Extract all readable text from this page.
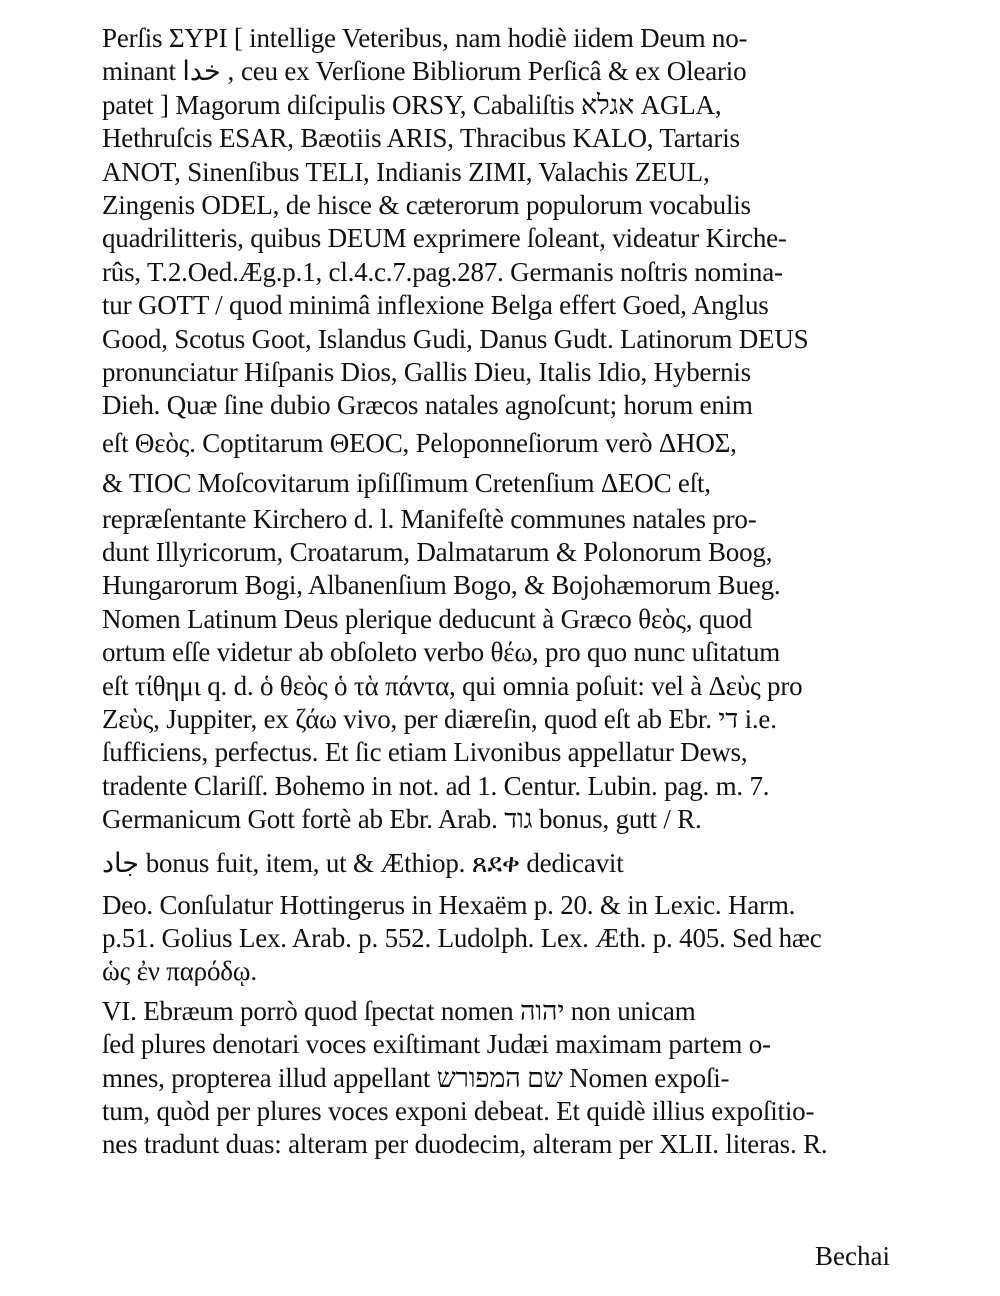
Perſis ΣΥΡΙ [ intellige Veteribus, nam hodiè iidem Deum no-
minant خدا , ceu ex Verſione Bibliorum Perſicâ & ex Oleario
patet ] Magorum diſcipulis ORSY, Cabaliſtis אגלא AGLA,
Hethruſcis ESAR, Bæotiis ARIS, Thracibus KALO, Tartaris
ANOT, Sinenſibus TELI, Indianis ZIMI, Valachis ZEUL,
Zingenis ODEL, de hisce & cæterorum populorum vocabulis
quadrilitteris, quibus DEUM exprimere ſoleant, videatur Kirche-
rûs, T.2.Oed.Æg.p.1, cl.4.c.7.pag.287. Germanis noſtris nomina-
tur GOTT / quod minimâ inflexione Belga effert Goed, Anglus
Good, Scotus Goot, Islandus Gudi, Danus Gudt. Latinorum DEUS
pronunciatur Hiſpanis Dios, Gallis Dieu, Italis Idio, Hybernis
Dieh. Quæ ſine dubio Græcos natales agnoſcunt; horum enim
eſt Θεὸς. Coptitarum ΘΕΟϹ, Peloponneſiorum verò ΔΗΟΣ,
& ΤΙΟϹ Moſcovitarum ipſiſſimum Cretenſium ΔΕΟϹ eſt,
repræſentante Kirchero d. l. Manifeſtè communes natales pro-
dunt Illyricorum, Croatarum, Dalmatarum & Polonorum Boog,
Hungarorum Bogi, Albanenſium Bogo, & Bojohæmorum Bueg.
Nomen Latinum Deus plerique deducunt à Græco θεὸς, quod
ortum eſſe videtur ab obſoleto verbo θέω, pro quo nunc uſitatum
eſt τίθημι q. d. ὁ θεὸς ὁ τὰ πάντα, qui omnia poſuit: vel à Δεὺς pro
Ζεὺς, Juppiter, ex ζάω vivo, per diæreſin, quod eſt ab Ebr. די i.e.
ſufficiens, perfectus. Et ſic etiam Livonibus appellatur Dews,
tradente Clariſſ. Bohemo in not. ad 1. Centur. Lubin. pag. m. 7.
Germanicum Gott fortè ab Ebr. Arab. גוד bonus, gutt / R.
جاد bonus fuit, item, ut & Æthiop. ጸደቀ dedicavit
Deo. Conſulatur Hottingerus in Hexaëm p. 20. & in Lexic. Harm.
p.51. Golius Lex. Arab. p. 552. Ludolph. Lex. Æth. p. 405. Sed hæc
ὡς ἐν παρόδῳ.
VI. Ebræum porrò quod ſpectat nomen יהוה non unicam
ſed plures denotari voces exiſtimant Judæi maximam partem o-
mnes, propterea illud appellant שם המפורש Nomen expoſi-
tum, quòd per plures voces exponi debeat. Et quidè illius expoſitio-
nes tradunt duas: alteram per duodecim, alteram per XLII. literas. R.
Bechai
